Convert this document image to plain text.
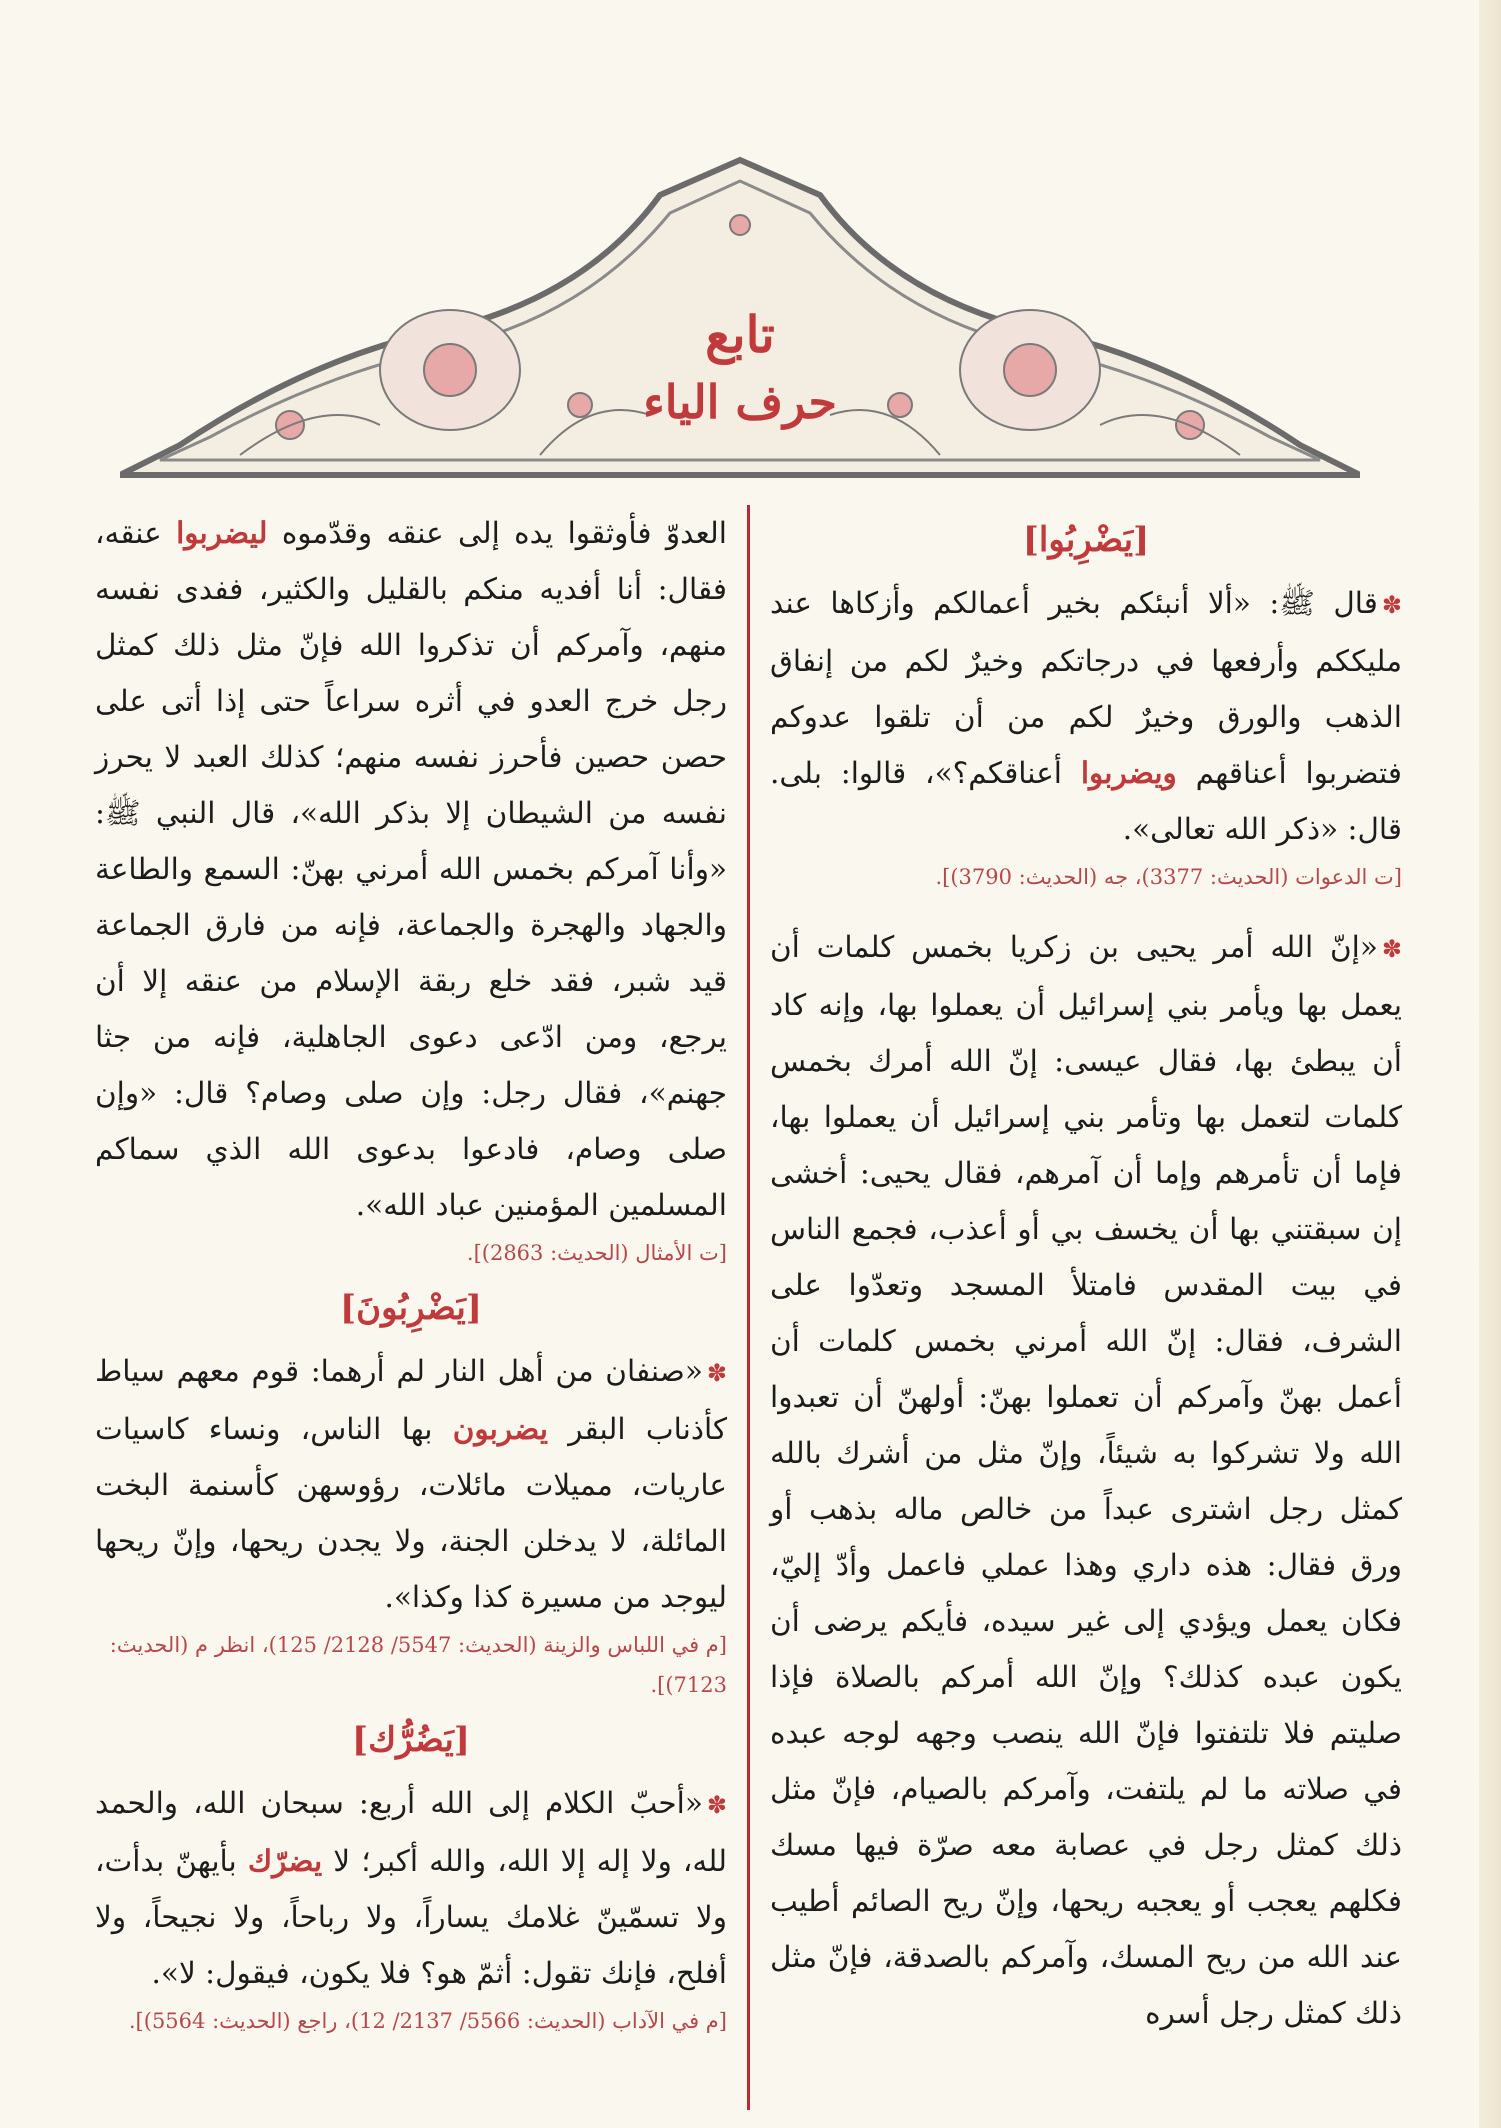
تابع
حرف الياء

[يَضْرِبُوا]

✽قال ﷺ: «ألا أنبئكم بخير أعمالكم وأزكاها عند مليككم وأرفعها في درجاتكم وخيرٌ لكم من إنفاق الذهب والورق وخيرٌ لكم من أن تلقوا عدوكم فتضربوا أعناقهم ويضربوا أعناقكم؟»، قالوا: بلى. قال: «ذكر الله تعالى».
[ت الدعوات (الحديث: 3377)، جه (الحديث: 3790)].

✽«إنّ الله أمر يحيى بن زكريا بخمس كلمات أن يعمل بها ويأمر بني إسرائيل أن يعملوا بها، وإنه كاد أن يبطئ بها، فقال عيسى: إنّ الله أمرك بخمس كلمات لتعمل بها وتأمر بني إسرائيل أن يعملوا بها، فإما أن تأمرهم وإما أن آمرهم، فقال يحيى: أخشى إن سبقتني بها أن يخسف بي أو أعذب، فجمع الناس في بيت المقدس فامتلأ المسجد وتعدّوا على الشرف، فقال: إنّ الله أمرني بخمس كلمات أن أعمل بهنّ وآمركم أن تعملوا بهنّ: أولهنّ أن تعبدوا الله ولا تشركوا به شيئاً، وإنّ مثل من أشرك بالله كمثل رجل اشترى عبداً من خالص ماله بذهب أو ورق فقال: هذه داري وهذا عملي فاعمل وأدّ إليّ، فكان يعمل ويؤدي إلى غير سيده، فأيكم يرضى أن يكون عبده كذلك؟ وإنّ الله أمركم بالصلاة فإذا صليتم فلا تلتفتوا فإنّ الله ينصب وجهه لوجه عبده في صلاته ما لم يلتفت، وآمركم بالصيام، فإنّ مثل ذلك كمثل رجل في عصابة معه صرّة فيها مسك فكلهم يعجب أو يعجبه ريحها، وإنّ ريح الصائم أطيب عند الله من ريح المسك، وآمركم بالصدقة، فإنّ مثل ذلك كمثل رجل أسره

العدوّ فأوثقوا يده إلى عنقه وقدّموه ليضربوا عنقه، فقال: أنا أفديه منكم بالقليل والكثير، ففدى نفسه منهم، وآمركم أن تذكروا الله فإنّ مثل ذلك كمثل رجل خرج العدو في أثره سراعاً حتى إذا أتى على حصن حصين فأحرز نفسه منهم؛ كذلك العبد لا يحرز نفسه من الشيطان إلا بذكر الله»، قال النبي ﷺ: «وأنا آمركم بخمس الله أمرني بهنّ: السمع والطاعة والجهاد والهجرة والجماعة، فإنه من فارق الجماعة قيد شبر، فقد خلع ربقة الإسلام من عنقه إلا أن يرجع، ومن ادّعى دعوى الجاهلية، فإنه من جثا جهنم»، فقال رجل: وإن صلى وصام؟ قال: «وإن صلى وصام، فادعوا بدعوى الله الذي سماكم المسلمين المؤمنين عباد الله».
[ت الأمثال (الحديث: 2863)].

[يَضْرِبُونَ]

✽«صنفان من أهل النار لم أرهما: قوم معهم سياط كأذناب البقر يضربون بها الناس، ونساء كاسيات عاريات، مميلات مائلات، رؤوسهن كأسنمة البخت المائلة، لا يدخلن الجنة، ولا يجدن ريحها، وإنّ ريحها ليوجد من مسيرة كذا وكذا».
[م في اللباس والزينة (الحديث: 5547/ 2128/ 125)، انظر م (الحديث: 7123)].

[يَضُرُّك]

✽«أحبّ الكلام إلى الله أربع: سبحان الله، والحمد لله، ولا إله إلا الله، والله أكبر؛ لا يضرّك بأيهنّ بدأت، ولا تسمّينّ غلامك يساراً، ولا رباحاً، ولا نجيحاً، ولا أفلح، فإنك تقول: أثمّ هو؟ فلا يكون، فيقول: لا».
[م في الآداب (الحديث: 5566/ 2137/ 12)، راجع (الحديث: 5564)].
